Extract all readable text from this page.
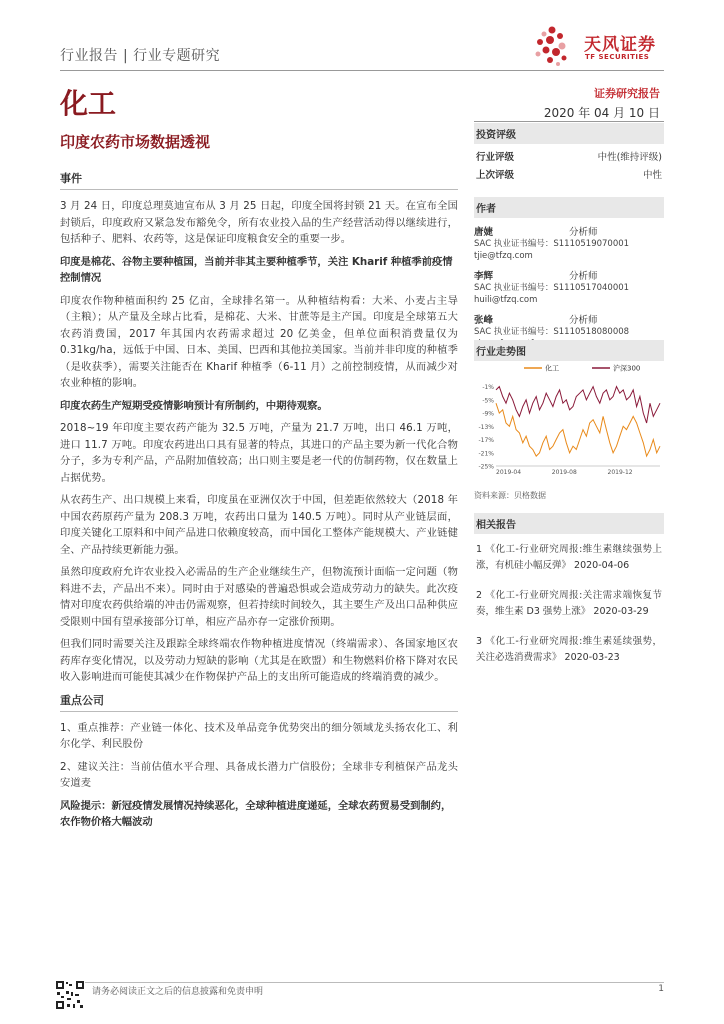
行业报告 | 行业专题研究
天风证券
TF SECURITIES
化工
印度农药市场数据透视
证券研究报告
2020 年 04 月 10 日
投资评级
行业评级	中性(维持评级)
上次评级	中性
作者
唐婕	分析师
SAC 执业证书编号：S1110519070001
tjie@tfzq.com
李辉	分析师
SAC 执业证书编号：S1110517040001
huili@tfzq.com
张峰	分析师
SAC 执业证书编号：S1110518080008
行业走势图
-1%
-5%
-9%
-13%
-17%
-21%
-25%
2019-04	2019-08	2019-12
化工	沪深300
资料来源：贝格数据
相关报告
1 《化工-行业研究周报:维生素继续强势上涨，有机硅小幅反弹》 2020-04-06
2 《化工-行业研究周报:关注需求端恢复节奏，维生素 D3 强势上涨》 2020-03-29
3 《化工-行业研究周报:维生素延续强势，关注必选消费需求》 2020-03-23
事件

3 月 24 日，印度总理莫迪宣布从 3 月 25 日起，印度全国将封锁 21 天。在宣布全国封锁后，印度政府又紧急发布豁免令，所有农业投入品的生产经营活动得以继续进行，包括种子、肥料、农药等，这是保证印度粮食安全的重要一步。

印度是棉花、谷物主要种植国，当前并非其主要种植季节，关注 Kharif 种植季前疫情控制情况

印度农作物种植面积约 25 亿亩，全球排名第一。从种植结构看：大米、小麦占主导（主粮）；从产量及全球占比看，是棉花、大米、甘蔗等是主产国。印度是全球第五大农药消费国，2017 年其国内农药需求超过 20 亿美金，但单位面积消费量仅为 0.31kg/ha，远低于中国、日本、美国、巴西和其他拉美国家。当前并非印度的种植季（是收获季），需要关注能否在 Kharif 种植季（6-11 月）之前控制疫情，从而减少对农业种植的影响。

印度农药生产短期受疫情影响预计有所制约，中期待观察。

2018~19 年印度主要农药产能为 32.5 万吨，产量为 21.7 万吨，出口 46.1 万吨，进口 11.7 万吨。印度农药进出口具有显著的特点，其进口的产品主要为新一代化合物分子，多为专利产品，产品附加值较高；出口则主要是老一代的仿制药物，仅在数量上占据优势。

从农药生产、出口规模上来看，印度虽在亚洲仅次于中国，但差距依然较大（2018 年中国农药原药产量为 208.3 万吨，农药出口量为 140.5 万吨）。同时从产业链层面，印度关键化工原料和中间产品进口依赖度较高，而中国化工整体产能规模大、产业链健全、产品持续更新能力强。

虽然印度政府允许农业投入必需品的生产企业继续生产，但物流预计面临一定问题（物料进不去，产品出不来）。同时由于对感染的普遍恐惧或会造成劳动力的缺失。此次疫情对印度农药供给端的冲击仍需观察，但若持续时间较久，其主要生产及出口品种供应受限则中国有望承接部分订单，相应产品亦存一定涨价预期。

但我们同时需要关注及跟踪全球终端农作物种植进度情况（终端需求）、各国家地区农药库存变化情况，以及劳动力短缺的影响（尤其是在欧盟）和生物燃料价格下降对农民收入影响进而可能使其减少在作物保护产品上的支出所可能造成的终端消费的减少。

重点公司

1、重点推荐：产业链一体化、技术及单品竞争优势突出的细分领域龙头扬农化工、利尔化学、利民股份

2、建议关注：当前估值水平合理、具备成长潜力广信股份；全球非专利植保产品龙头安道麦

风险提示：新冠疫情发展情况持续恶化，全球种植进度递延，全球农药贸易受到制约，农作物价格大幅波动

请务必阅读正文之后的信息披露和免责申明	1
